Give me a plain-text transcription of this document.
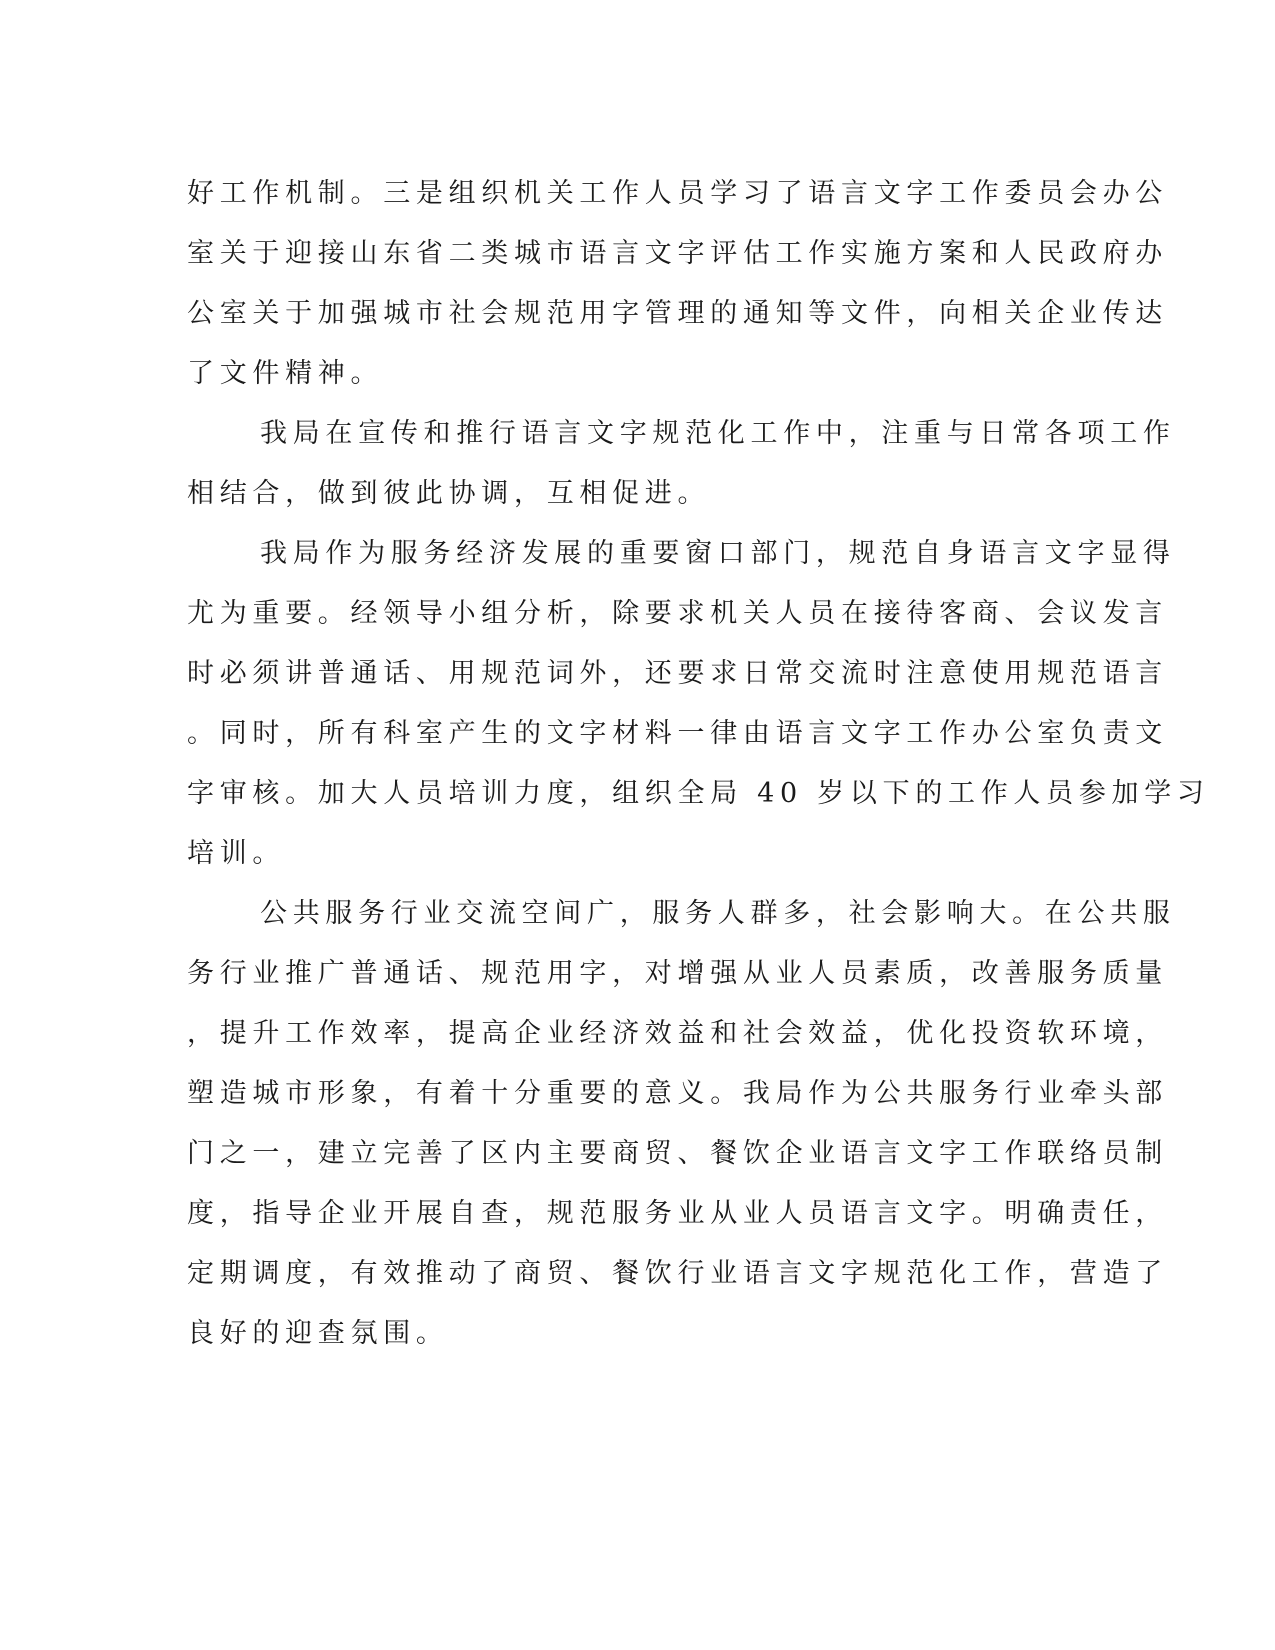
好工作机制。三是组织机关工作人员学习了语言文字工作委员会办公
室关于迎接山东省二类城市语言文字评估工作实施方案和人民政府办
公室关于加强城市社会规范用字管理的通知等文件，向相关企业传达
了文件精神。
我局在宣传和推行语言文字规范化工作中，注重与日常各项工作
相结合，做到彼此协调，互相促进。
我局作为服务经济发展的重要窗口部门，规范自身语言文字显得
尤为重要。经领导小组分析，除要求机关人员在接待客商、会议发言
时必须讲普通话、用规范词外，还要求日常交流时注意使用规范语言
。同时，所有科室产生的文字材料一律由语言文字工作办公室负责文
字审核。加大人员培训力度，组织全局 40 岁以下的工作人员参加学习
培训。
公共服务行业交流空间广，服务人群多，社会影响大。在公共服
务行业推广普通话、规范用字，对增强从业人员素质，改善服务质量
，提升工作效率，提高企业经济效益和社会效益，优化投资软环境，
塑造城市形象，有着十分重要的意义。我局作为公共服务行业牵头部
门之一，建立完善了区内主要商贸、餐饮企业语言文字工作联络员制
度，指导企业开展自查，规范服务业从业人员语言文字。明确责任，
定期调度，有效推动了商贸、餐饮行业语言文字规范化工作，营造了
良好的迎查氛围。
